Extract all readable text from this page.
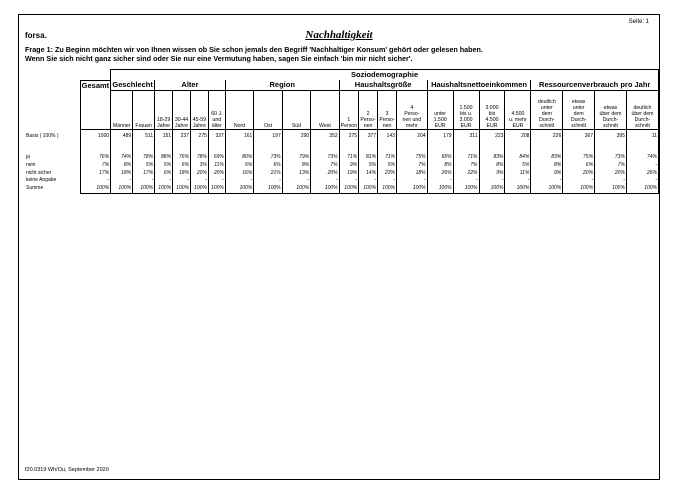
Seite: 1
forsa.	Nachhaltigkeit
Frage 1: Zu Beginn möchten wir von Ihnen wissen ob Sie schon jemals den Begriff 'Nachhaltiger Konsum' gehört oder gelesen haben.
Wenn Sie sich nicht ganz sicher sind oder Sie nur eine Vermutung haben, sagen Sie einfach 'bin mir nicht sicher'.
		Soziodemographie																					
	Gesamt	Geschlecht		Alter				Region				Haushaltsgröße				Haushaltsnettoeinkommen				Ressourcenverbrauch pro Jahr			

		Männer	Frauen	18-29
Jahre	30-44
Jahre	45-59
Jahre	60 J.
und
älter	Nord	Ost	Süd	West	1
Person	2
Perso-
nen	3
Perso-
nen	4
Perso-
nen und
mehr	unter
1.500
EUR	1.500
bis u.
3.000
EUR	3.000
bis
4.500
EUR	4.500
u. mehr
EUR	deutlich
unter
dem
Durch-
schnitt	etwas
unter
dem
Durch-
schnitt	etwas
über dem
Durch-
schnitt	deutlich
über dem
Durch-
schnitt

Basis ( 100% )	1000	489	511	151	237	275	337	161	197	290	352	275	377	143	204	179	311	223	208	226	367	395	11

ja	76%	74%	78%	88%	76%	78%	69%	80%	73%	79%	73%	71%	81%	71%	75%	65%	71%	83%	84%	83%	75%	73%	74%
nein	7%	8%	5%	5%	6%	3%	11%	5%	6%	8%	7%	9%	5%	5%	7%	8%	7%	8%	5%	8%	6%	7%	-
nicht sicher	17%	18%	17%	6%	18%	20%	20%	16%	21%	13%	20%	19%	14%	23%	18%	26%	22%	9%	11%	9%	20%	20%	26%
keine Angabe	-	-	-	-	-	-	-	-	-	-	-	-	-	-	-	-	-	-	-	-	-	-	-
Summe	100%	100%	100%	100%	100%	100%	100%	100%	100%	100%	100%	100%	100%	100%	100%	100%	100%	100%	100%	100%	100%	100%	100%
f20.0319 Wh/Ou, September 2020
